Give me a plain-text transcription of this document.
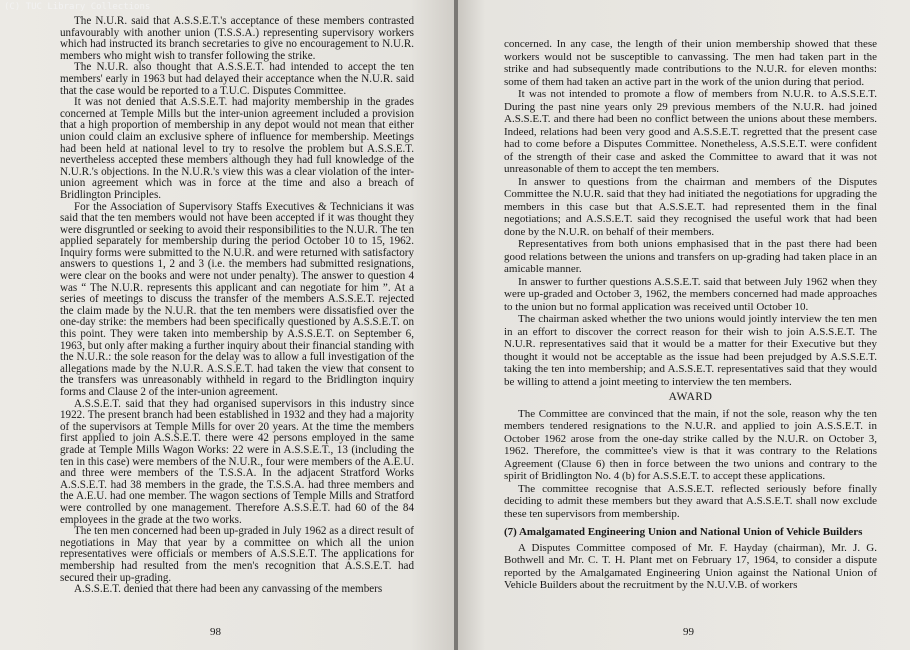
(C) TUC Library Collections

The N.U.R. said that A.S.S.E.T.'s acceptance of these members contrasted unfavourably with another union (T.S.S.A.) representing supervisory workers which had instructed its branch secretaries to give no encouragement to N.U.R. members who might wish to transfer following the strike.

The N.U.R. also thought that A.S.S.E.T. had intended to accept the ten members' early in 1963 but had delayed their acceptance when the N.U.R. said that the case would be reported to a T.U.C. Disputes Committee.

It was not denied that A.S.S.E.T. had majority membership in the grades concerned at Temple Mills but the inter-union agreement included a provision that a high proportion of membership in any depot would not mean that either union could claim an exclusive sphere of influence for membership. Meetings had been held at national level to try to resolve the problem but A.S.S.E.T. nevertheless accepted these members although they had full knowledge of the N.U.R.'s objections. In the N.U.R.'s view this was a clear violation of the inter-union agreement which was in force at the time and also a breach of Bridlington Principles.

For the Association of Supervisory Staffs Executives & Technicians it was said that the ten members would not have been accepted if it was thought they were disgruntled or seeking to avoid their responsibilities to the N.U.R. The ten applied separately for membership during the period October 10 to 15, 1962. Inquiry forms were submitted to the N.U.R. and were returned with satisfactory answers to questions 1, 2 and 3 (i.e. the members had submitted resignations, were clear on the books and were not under penalty). The answer to question 4 was “ The N.U.R. represents this applicant and can negotiate for him ”. At a series of meetings to discuss the transfer of the members A.S.S.E.T. rejected the claim made by the N.U.R. that the ten members were dissatisfied over the one-day strike: the members had been specifically questioned by A.S.S.E.T. on this point. They were taken into membership by A.S.S.E.T. on September 6, 1963, but only after making a further inquiry about their financial standing with the N.U.R.: the sole reason for the delay was to allow a full investigation of the allegations made by the N.U.R. A.S.S.E.T. had taken the view that consent to the transfers was unreasonably withheld in regard to the Bridlington inquiry forms and Clause 2 of the inter-union agreement.

A.S.S.E.T. said that they had organised supervisors in this industry since 1922. The present branch had been established in 1932 and they had a majority of the supervisors at Temple Mills for over 20 years. At the time the members first applied to join A.S.S.E.T. there were 42 persons employed in the same grade at Temple Mills Wagon Works: 22 were in A.S.S.E.T., 13 (including the ten in this case) were members of the N.U.R., four were members of the A.E.U. and three were members of the T.S.S.A. In the adjacent Stratford Works A.S.S.E.T. had 38 members in the grade, the T.S.S.A. had three members and the A.E.U. had one member. The wagon sections of Temple Mills and Stratford were controlled by one management. Therefore A.S.S.E.T. had 60 of the 84 employees in the grade at the two works.

The ten men concerned had been up-graded in July 1962 as a direct result of negotiations in May that year by a committee on which all the union representatives were officials or members of A.S.S.E.T. The applications for membership had resulted from the men's recognition that A.S.S.E.T. had secured their up-grading.

A.S.S.E.T. denied that there had been any canvassing of the members

98

concerned. In any case, the length of their union membership showed that these workers would not be susceptible to canvassing. The men had taken part in the strike and had subsequently made contributions to the N.U.R. for eleven months: some of them had taken an active part in the work of the union during that period.

It was not intended to promote a flow of members from N.U.R. to A.S.S.E.T. During the past nine years only 29 previous members of the N.U.R. had joined A.S.S.E.T. and there had been no conflict between the unions about these members. Indeed, relations had been very good and A.S.S.E.T. regretted that the present case had to come before a Disputes Committee. Nonetheless, A.S.S.E.T. were confident of the strength of their case and asked the Committee to award that it was not unreasonable of them to accept the ten members.

In answer to questions from the chairman and members of the Disputes Committee the N.U.R. said that they had initiated the negotiations for upgrading the members in this case but that A.S.S.E.T. had represented them in the final negotiations; and A.S.S.E.T. said they recognised the useful work that had been done by the N.U.R. on behalf of their members.

Representatives from both unions emphasised that in the past there had been good relations between the unions and transfers on up-grading had taken place in an amicable manner.

In answer to further questions A.S.S.E.T. said that between July 1962 when they were up-graded and October 3, 1962, the members concerned had made approaches to the union but no formal application was received until October 10.

The chairman asked whether the two unions would jointly interview the ten men in an effort to discover the correct reason for their wish to join A.S.S.E.T. The N.U.R. representatives said that it would be a matter for their Executive but they thought it would not be acceptable as the issue had been prejudged by A.S.S.E.T. taking the ten into membership; and A.S.S.E.T. representatives said that they would be willing to attend a joint meeting to interview the ten members.

AWARD

The Committee are convinced that the main, if not the sole, reason why the ten members tendered resignations to the N.U.R. and applied to join A.S.S.E.T. in October 1962 arose from the one-day strike called by the N.U.R. on October 3, 1962. Therefore, the committee's view is that it was contrary to the Relations Agreement (Clause 6) then in force between the two unions and contrary to the spirit of Bridlington No. 4 (b) for A.S.S.E.T. to accept these applications.

The committee recognise that A.S.S.E.T. reflected seriously before finally deciding to admit these members but they award that A.S.S.E.T. shall now exclude these ten supervisors from membership.

(7) Amalgamated Engineering Union and National Union of Vehicle Builders

A Disputes Committee composed of Mr. F. Hayday (chairman), Mr. J. G. Bothwell and Mr. C. T. H. Plant met on February 17, 1964, to consider a dispute reported by the Amalgamated Engineering Union against the National Union of Vehicle Builders about the recruitment by the N.U.V.B. of workers

99
